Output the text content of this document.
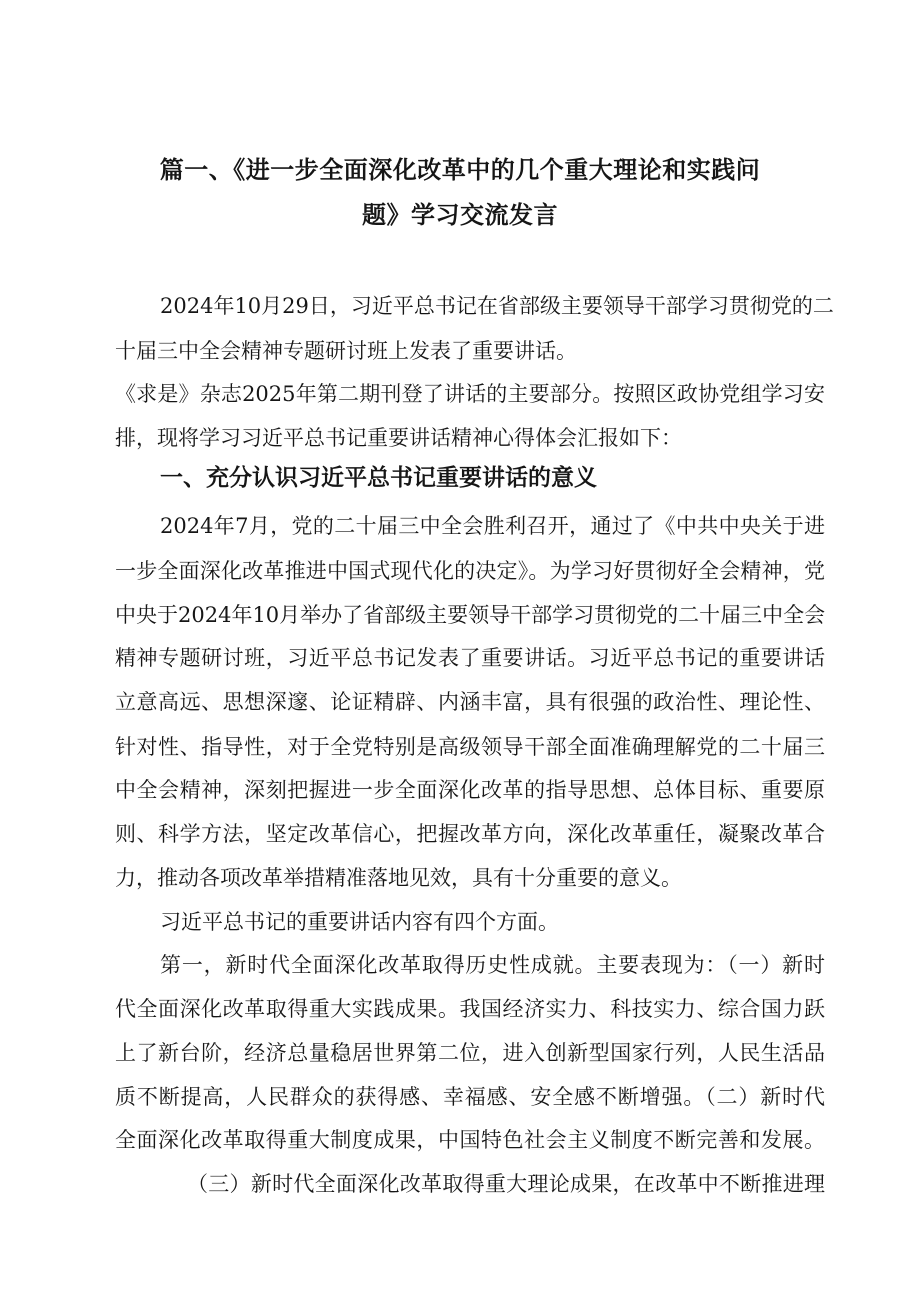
篇一、《进一步全面深化改革中的几个重大理论和实践问
题》学习交流发言
2024年10月29日，习近平总书记在省部级主要领导干部学习贯彻党的二
十届三中全会精神专题研讨班上发表了重要讲话。
《求是》杂志2025年第二期刊登了讲话的主要部分。按照区政协党组学习安
排，现将学习习近平总书记重要讲话精神心得体会汇报如下：
一、充分认识习近平总书记重要讲话的意义
2024年7月，党的二十届三中全会胜利召开，通过了《中共中央关于进
一步全面深化改革推进中国式现代化的决定》。为学习好贯彻好全会精神，党
中央于2024年10月举办了省部级主要领导干部学习贯彻党的二十届三中全会
精神专题研讨班，习近平总书记发表了重要讲话。习近平总书记的重要讲话
立意高远、思想深邃、论证精辟、内涵丰富，具有很强的政治性、理论性、
针对性、指导性，对于全党特别是高级领导干部全面准确理解党的二十届三
中全会精神，深刻把握进一步全面深化改革的指导思想、总体目标、重要原
则、科学方法，坚定改革信心，把握改革方向，深化改革重任，凝聚改革合
力，推动各项改革举措精准落地见效，具有十分重要的意义。
习近平总书记的重要讲话内容有四个方面。
第一，新时代全面深化改革取得历史性成就。主要表现为：（一）新时
代全面深化改革取得重大实践成果。我国经济实力、科技实力、综合国力跃
上了新台阶，经济总量稳居世界第二位，进入创新型国家行列，人民生活品
质不断提高，人民群众的获得感、幸福感、安全感不断增强。（二）新时代
全面深化改革取得重大制度成果，中国特色社会主义制度不断完善和发展。
（三）新时代全面深化改革取得重大理论成果，在改革中不断推进理
